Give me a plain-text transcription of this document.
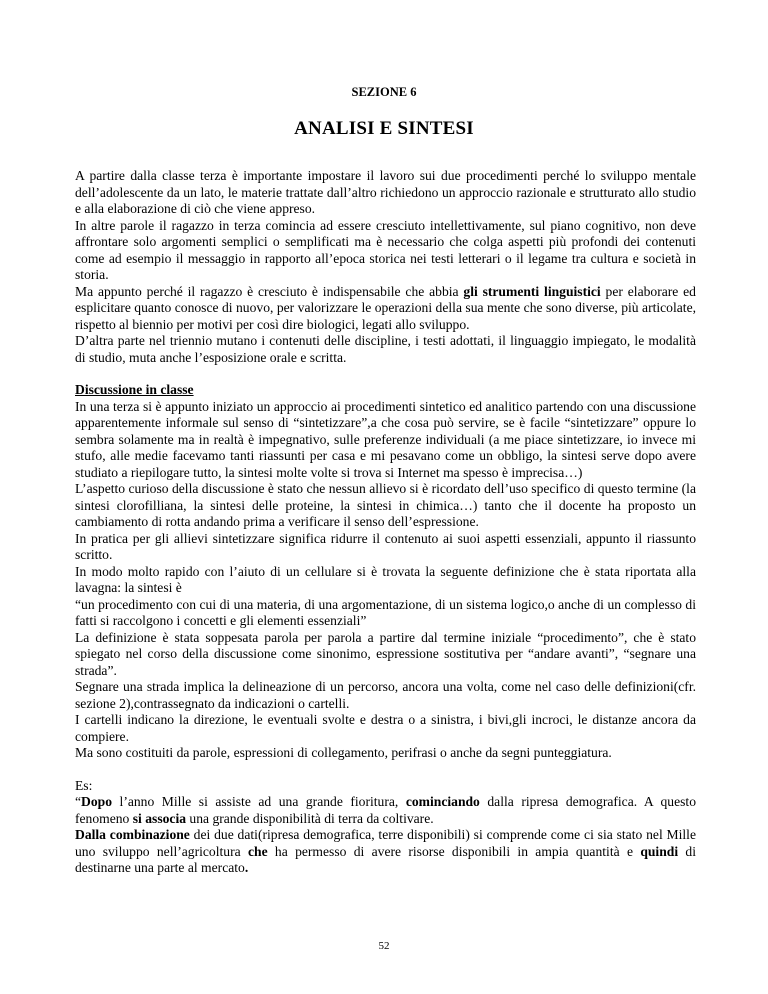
SEZIONE 6
ANALISI E SINTESI

A partire dalla classe terza è importante impostare il lavoro sui due procedimenti perché lo sviluppo mentale dell’adolescente da un lato, le materie trattate dall’altro richiedono un approccio razionale e strutturato allo studio e alla elaborazione di ciò che viene appreso.

In altre parole il ragazzo in terza comincia ad essere cresciuto intellettivamente, sul piano cognitivo, non deve affrontare solo argomenti semplici o semplificati ma è necessario che colga aspetti più profondi dei contenuti come ad esempio il messaggio in rapporto all’epoca storica nei testi letterari o il legame tra cultura e società in storia.

Ma appunto perché il ragazzo è cresciuto è indispensabile che abbia gli strumenti linguistici per elaborare ed esplicitare quanto conosce di nuovo, per valorizzare le operazioni della sua mente che sono diverse, più articolate, rispetto al biennio per motivi per così dire biologici, legati allo sviluppo.

D’altra parte nel triennio mutano i contenuti delle discipline, i testi adottati, il linguaggio impiegato, le modalità di studio, muta anche l’esposizione orale e scritta.

Discussione in classe

In una terza si è appunto iniziato un approccio ai procedimenti sintetico ed analitico partendo con una discussione apparentemente informale sul senso di “sintetizzare”,a che cosa può servire, se è facile “sintetizzare” oppure lo sembra solamente ma in realtà è impegnativo, sulle preferenze individuali (a me piace sintetizzare, io invece mi stufo, alle medie facevamo tanti riassunti per casa e mi pesavano come un obbligo, la sintesi serve dopo avere studiato a riepilogare tutto, la sintesi molte volte si trova si Internet ma spesso è imprecisa…)

L’aspetto curioso della discussione è stato che nessun allievo si è ricordato dell’uso specifico di questo termine (la sintesi clorofilliana, la sintesi delle proteine, la sintesi in chimica…) tanto che il docente ha proposto un cambiamento di rotta andando prima a verificare il senso dell’espressione.

In pratica per gli allievi sintetizzare significa ridurre il contenuto ai suoi aspetti essenziali, appunto il riassunto scritto.

In modo molto rapido con l’aiuto di un cellulare si è trovata la seguente definizione che è stata riportata alla lavagna: la sintesi è

“un procedimento con cui di una materia, di una argomentazione, di un sistema logico,o anche di un complesso di fatti si raccolgono i concetti e gli elementi essenziali”

La definizione è stata soppesata parola per parola a partire dal termine iniziale “procedimento”, che è stato spiegato nel corso della discussione come sinonimo, espressione sostitutiva per “andare avanti”, “segnare una strada”.

Segnare una strada implica la delineazione di un percorso, ancora una volta, come nel caso delle definizioni(cfr. sezione 2),contrassegnato da indicazioni o cartelli.

I cartelli indicano la direzione, le eventuali svolte e destra o a sinistra, i bivi,gli incroci, le distanze ancora da compiere.

Ma sono costituiti da parole, espressioni di collegamento, perifrasi o anche da segni punteggiatura.

Es:

“Dopo l’anno Mille si assiste ad una grande fioritura, cominciando dalla ripresa demografica. A questo fenomeno si associa una grande disponibilità di terra da coltivare.

Dalla combinazione dei due dati(ripresa demografica, terre disponibili) si comprende come ci sia stato nel Mille uno sviluppo nell’agricoltura che ha permesso di avere risorse disponibili in ampia quantità e quindi di destinarne una parte al mercato.

52
